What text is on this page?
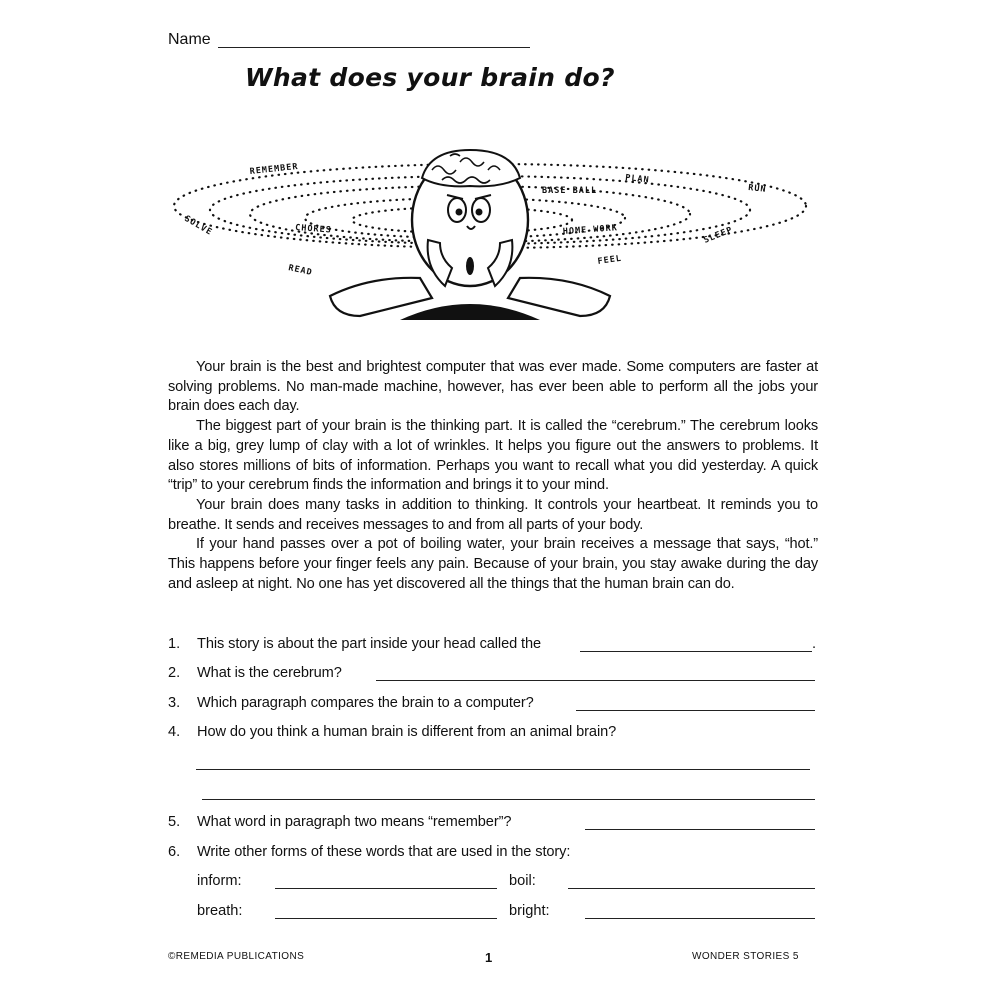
Name
What does your brain do?
REMEMBER
PLAN
BASE BALL	RUN
SOLVE	CHORES	HOME WORK	SLEEP
READ
FEEL

Your brain is the best and brightest computer that was ever made. Some computers are faster at solving problems. No man-made machine, however, has ever been able to perform all the jobs your brain does each day.

The biggest part of your brain is the thinking part. It is called the “cerebrum.” The cerebrum looks like a big, grey lump of clay with a lot of wrinkles. It helps you figure out the answers to problems. It also stores millions of bits of information. Perhaps you want to recall what you did yesterday. A quick “trip” to your cerebrum finds the information and brings it to your mind.

Your brain does many tasks in addition to thinking. It controls your heartbeat. It reminds you to breathe. It sends and receives messages to and from all parts of your body.

If your hand passes over a pot of boiling water, your brain receives a message that says, “hot.” This happens before your finger feels any pain. Because of your brain, you stay awake during the day and asleep at night. No one has yet discovered all the things that the human brain can do.

1. This story is about the part inside your head called the	.
2. What is the cerebrum?
3. Which paragraph compares the brain to a computer?
4. How do you think a human brain is different from an animal brain?
5. What word in paragraph two means “remember”?
6. Write other forms of these words that are used in the story:
inform:	boil:
breath:	bright:
©REMEDIA PUBLICATIONS	1	WONDER STORIES 5
